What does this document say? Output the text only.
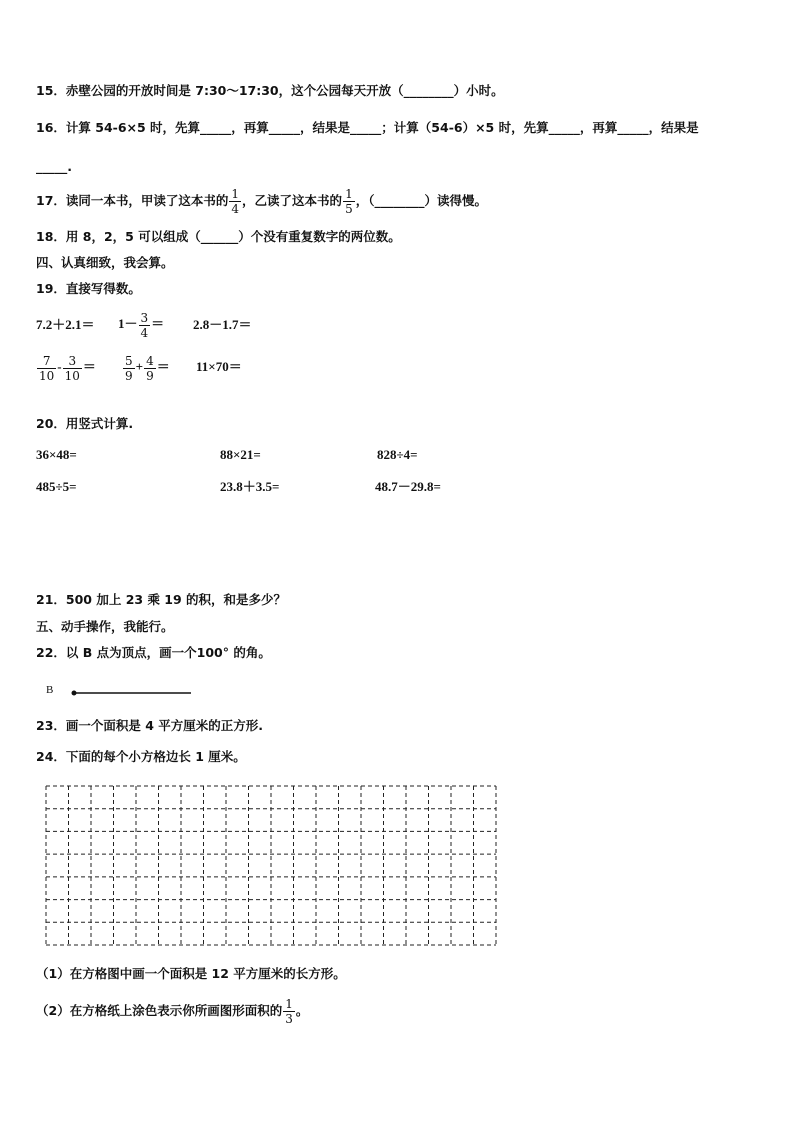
15．赤壁公园的开放时间是 7:30～17:30，这个公园每天开放（________）小时。
16．计算 54-6×5 时，先算_____，再算_____，结果是_____；计算（54-6）×5 时，先算_____，再算_____，结果是
_____.
17．读同一本书，甲读了这本书的 $\frac{1}{4}$ ，乙读了这本书的 $\frac{1}{5}$ ，（________）读得慢。
18．用 8，2，5 可以组成（______）个没有重复数字的两位数。
四、认真细致，我会算。
19．直接写得数。
$7.2+2.1= 1- \frac{3}{4} = 2.8-1.7=$
$\frac{7}{10} - \frac{3}{10} = \frac{5}{9} + \frac{4}{9} = 11\times 70=$
20．用竖式计算.
36×48=	88×21=	828÷4=
485÷5=	23.8＋3.5=	48.7－29.8=
21．500 加上 23 乘 19 的积，和是多少？
五、动手操作，我能行。
22．以 B 点为顶点，画一个100° 的角。
B
23．画一个面积是 4 平方厘米的正方形.
24．下面的每个小方格边长 1 厘米。
（1）在方格图中画一个面积是 12 平方厘米的长方形。
（2）在方格纸上涂色表示你所画图形面积的 $\frac{1}{3}$ 。
